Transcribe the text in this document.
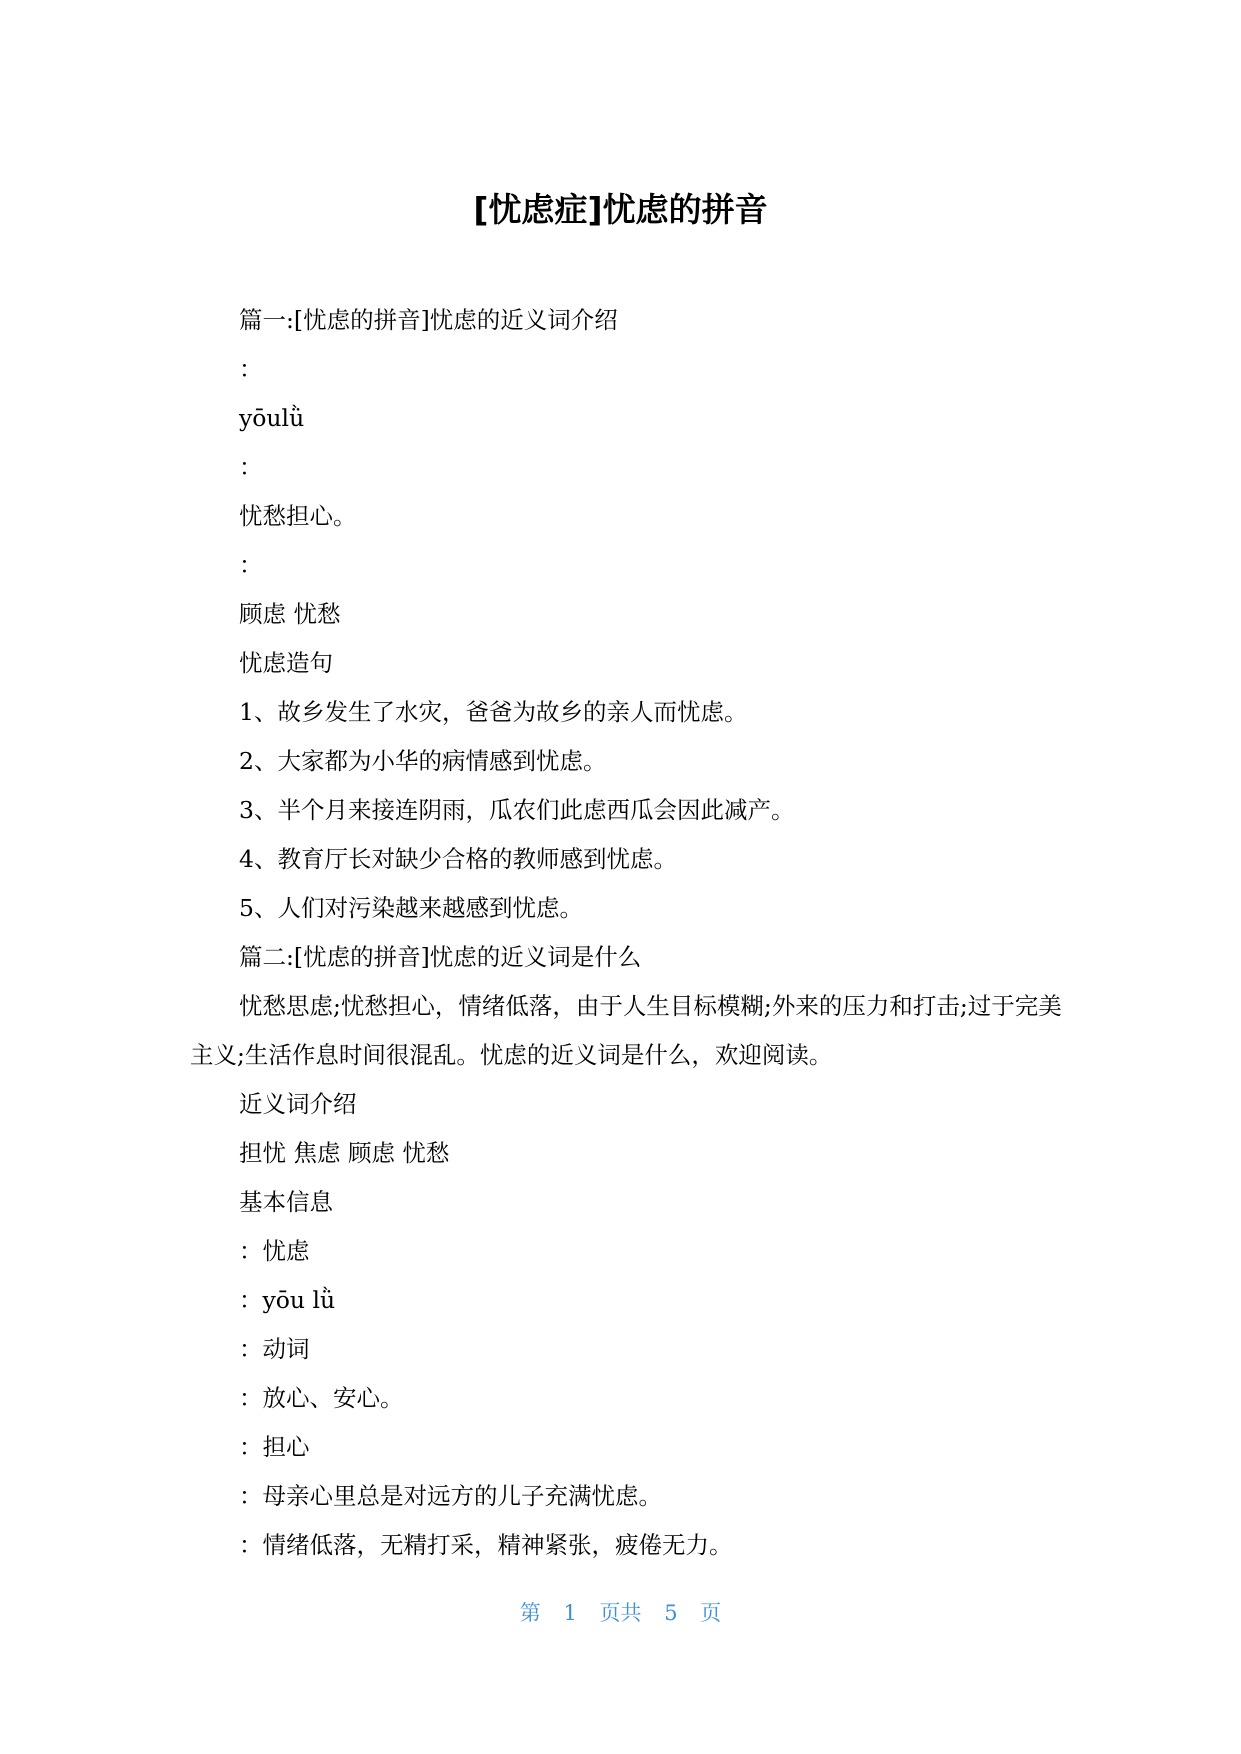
[忧虑症]忧虑的拼音

篇一:[忧虑的拼音]忧虑的近义词介绍

：

yōulǜ

：

忧愁担心。

：

顾虑 忧愁

忧虑造句

1、故乡发生了水灾，爸爸为故乡的亲人而忧虑。

2、大家都为小华的病情感到忧虑。

3、半个月来接连阴雨，瓜农们此虑西瓜会因此减产。

4、教育厅长对缺少合格的教师感到忧虑。

5、人们对污染越来越感到忧虑。

篇二:[忧虑的拼音]忧虑的近义词是什么

忧愁思虑;忧愁担心，情绪低落，由于人生目标模糊;外来的压力和打击;过于完美主义;生活作息时间很混乱。忧虑的近义词是什么，欢迎阅读。

近义词介绍

担忧 焦虑 顾虑 忧愁

基本信息

：忧虑

：yōu lǜ

：动词

：放心、安心。

：担心

：母亲心里总是对远方的儿子充满忧虑。

：情绪低落，无精打采，精神紧张，疲倦无力。

第 1 页共 5 页
